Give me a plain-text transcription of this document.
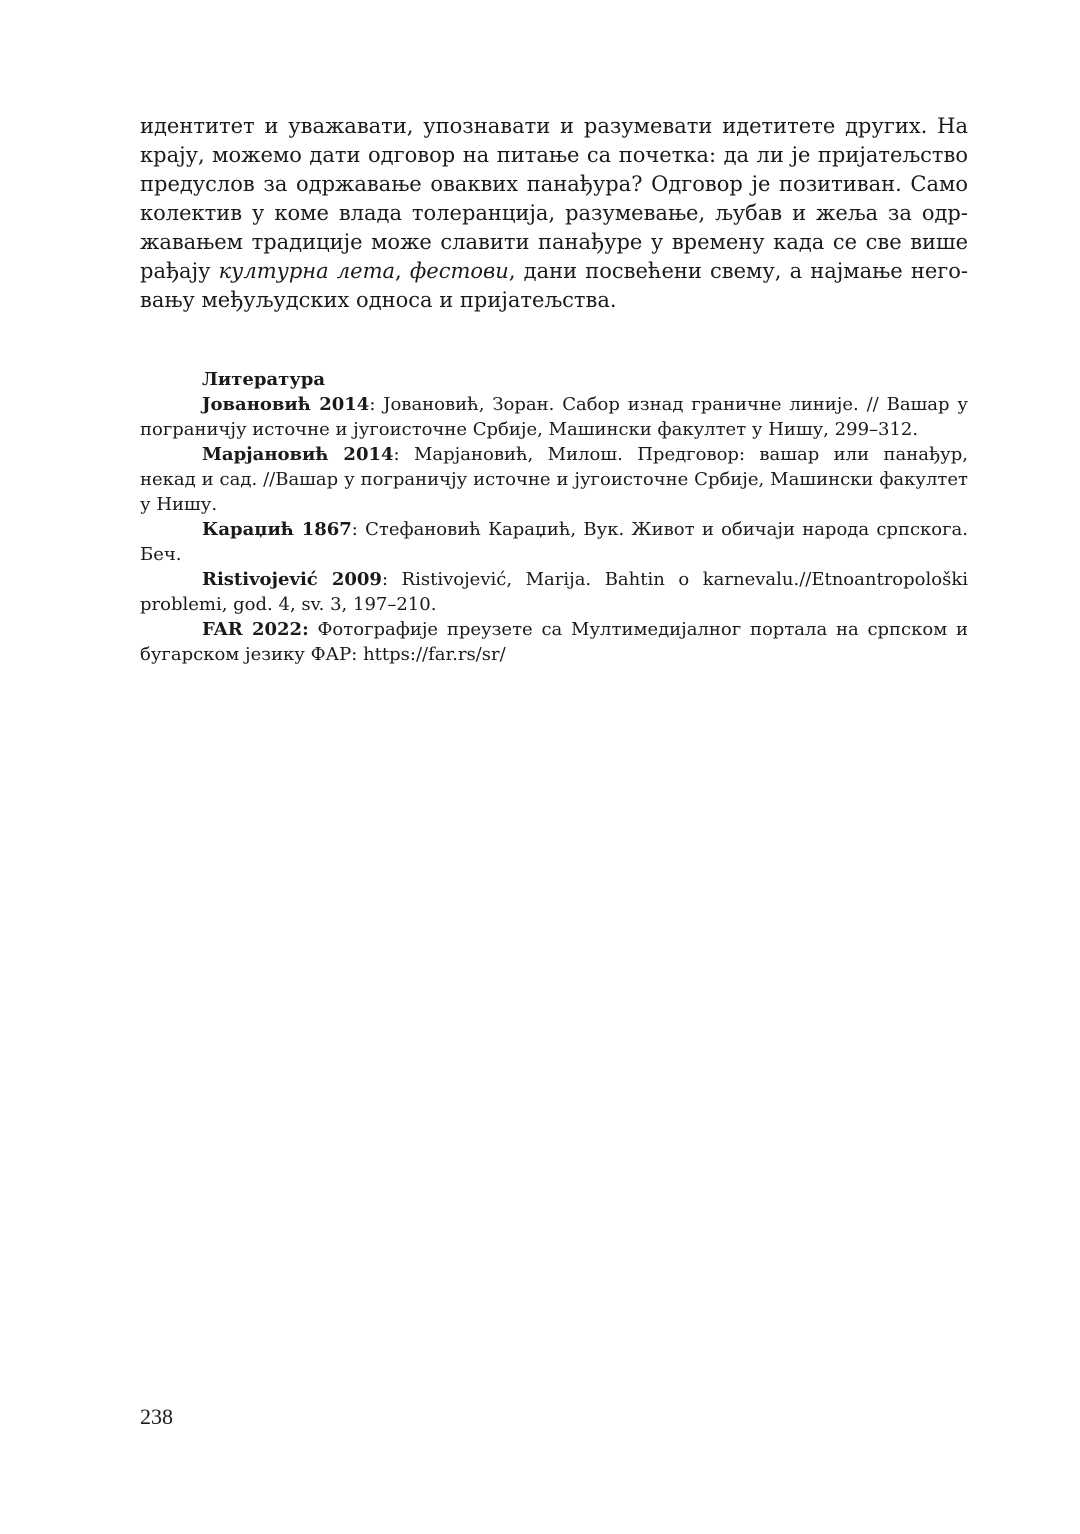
идентитет и уважавати, упознавати и разумевати идетитете других. На крају, можемо дати одговор на питање са почетка: да ли је пријатељство предуслов за одржавање оваквих панађура? Одговор је позитиван. Само колектив у коме влада толеранција, разумевање, љубав и жеља за одржавањем традиције може славити панађуре у времену када се све више рађају културна лета, фестови, дани посвећени свему, а најмање неговању међуљудских односа и пријатељства.

Литература

Јовановић 2014: Јовановић, Зоран. Сабор изнад граничне линије. // Вашар у пограничју источне и југоисточне Србије, Машински факултет у Нишу, 299–312.

Марјановић 2014: Марјановић, Милош. Предговор: вашар или панађур, некад и сад. //Вашар у пограничју источне и југоисточне Србије, Машински факултет у Нишу.

Караџић 1867: Стефановић Караџић, Вук. Живот и обичаји народа српскога. Беч.

Ristivojević 2009: Ristivojević, Marija. Bahtin o karnevalu.//Etnoantropološki problemi, god. 4, sv. 3, 197–210.

FAR 2022: Фотографије преузете са Мултимедијалног портала на српском и бугарском језику ФАР: https://far.rs/sr/

238
